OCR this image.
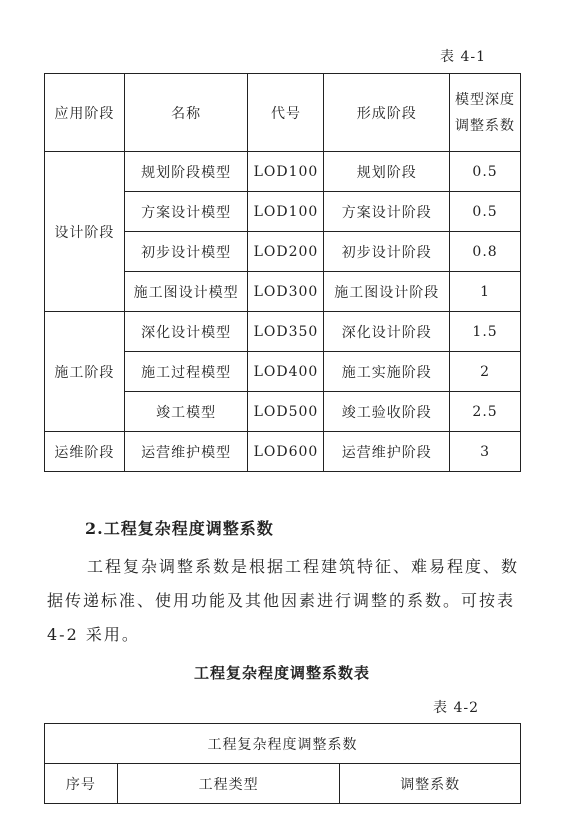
表 4-1
应用阶段	名称	代号	形成阶段	模型深度
调整系数
设计阶段	规划阶段模型	LOD100	规划阶段	0.5
	方案设计模型	LOD100	方案设计阶段	0.5
	初步设计模型	LOD200	初步设计阶段	0.8
	施工图设计模型	LOD300	施工图设计阶段	1
施工阶段	深化设计模型	LOD350	深化设计阶段	1.5
	施工过程模型	LOD400	施工实施阶段	2
	竣工模型	LOD500	竣工验收阶段	2.5
运维阶段	运营维护模型	LOD600	运营维护阶段	3
2.工程复杂程度调整系数
工程复杂调整系数是根据工程建筑特征、难易程度、数
据传递标准、使用功能及其他因素进行调整的系数。可按表
4-2 采用。
工程复杂程度调整系数表
表 4-2
工程复杂程度调整系数
序号	工程类型	调整系数
